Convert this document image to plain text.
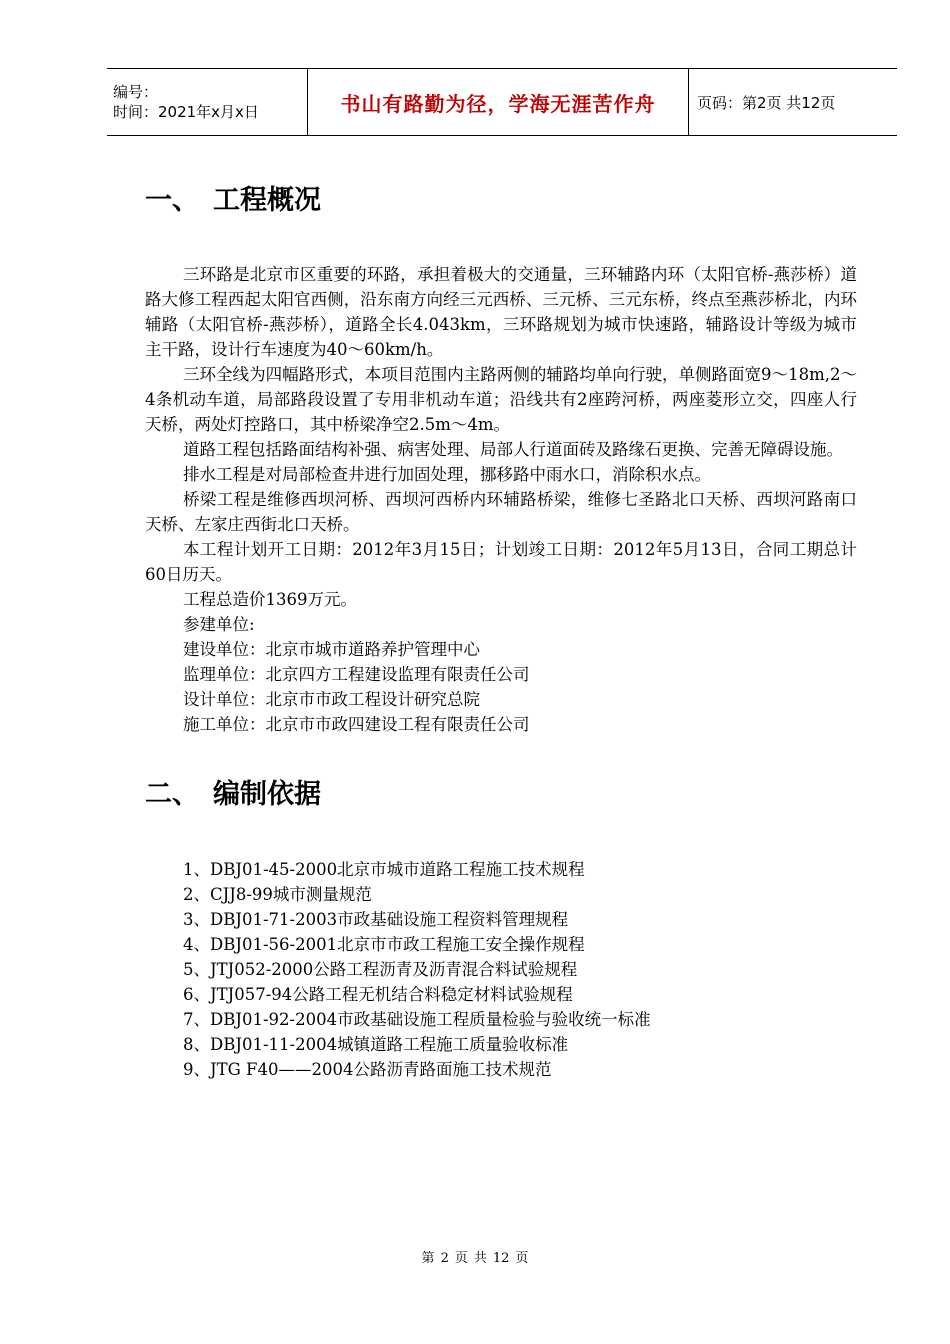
编号：
时间：2021年x月x日	书山有路勤为径，学海无涯苦作舟	页码：第2页 共12页
一、 工程概况

三环路是北京市区重要的环路，承担着极大的交通量，三环辅路内环（太阳官桥-燕莎桥）道路大修工程西起太阳官西侧，沿东南方向经三元西桥、三元桥、三元东桥，终点至燕莎桥北，内环辅路（太阳官桥-燕莎桥），道路全长4.043km，三环路规划为城市快速路，辅路设计等级为城市主干路，设计行车速度为40～60km/h。

三环全线为四幅路形式，本项目范围内主路两侧的辅路均单向行驶，单侧路面宽9～18m,2～4条机动车道，局部路段设置了专用非机动车道；沿线共有2座跨河桥，两座菱形立交，四座人行天桥，两处灯控路口，其中桥梁净空2.5m～4m。

道路工程包括路面结构补强、病害处理、局部人行道面砖及路缘石更换、完善无障碍设施。

排水工程是对局部检查井进行加固处理，挪移路中雨水口，消除积水点。

桥梁工程是维修西坝河桥、西坝河西桥内环辅路桥梁，维修七圣路北口天桥、西坝河路南口天桥、左家庄西街北口天桥。

本工程计划开工日期：2012年3月15日；计划竣工日期：2012年5月13日，合同工期总计60日历天。

工程总造价1369万元。

参建单位:

建设单位：北京市城市道路养护管理中心

监理单位：北京四方工程建设监理有限责任公司

设计单位：北京市市政工程设计研究总院

施工单位：北京市市政四建设工程有限责任公司

二、 编制依据
1、DBJ01-45-2000北京市城市道路工程施工技术规程
2、CJJ8-99城市测量规范
3、DBJ01-71-2003市政基础设施工程资料管理规程
4、DBJ01-56-2001北京市市政工程施工安全操作规程
5、JTJ052-2000公路工程沥青及沥青混合料试验规程
6、JTJ057-94公路工程无机结合料稳定材料试验规程
7、DBJ01-92-2004市政基础设施工程质量检验与验收统一标准
8、DBJ01-11-2004城镇道路工程施工质量验收标准
9、JTG F40——2004公路沥青路面施工技术规范
第 2 页 共 12 页
